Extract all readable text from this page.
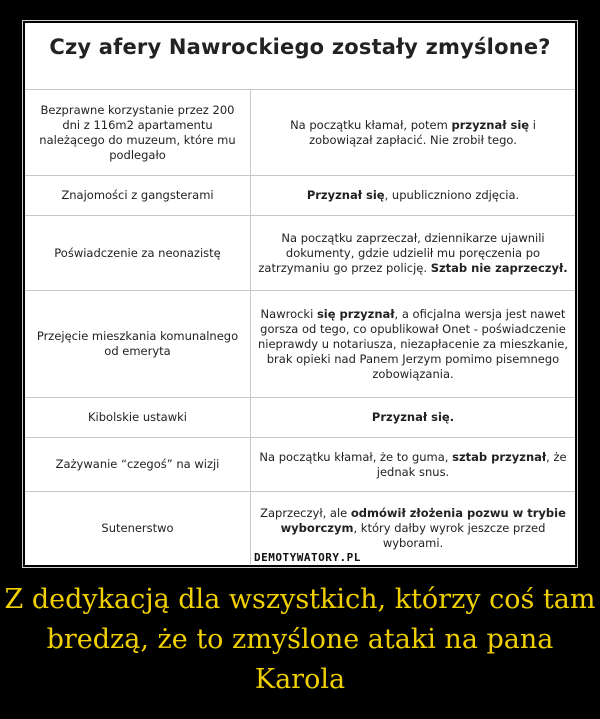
Czy afery Nawrockiego zostały zmyślone?
Bezprawne korzystanie przez 200 dni z 116m2 apartamentu należącego do muzeum, które mu podlegało
Na początku kłamał, potem przyznał się i zobowiązał zapłacić. Nie zrobił tego.
Znajomości z gangsterami	Przyznał się, upubliczniono zdjęcia.
Poświadczenie za neonazistę
Na początku zaprzeczał, dziennikarze ujawnili dokumenty, gdzie udzielił mu poręczenia po zatrzymaniu go przez policję. Sztab nie zaprzeczył.
Przejęcie mieszkania komunalnego od emeryta
Nawrocki się przyznał, a oficjalna wersja jest nawet gorsza od tego, co opublikował Onet - poświadczenie nieprawdy u notariusza, niezapłacenie za mieszkanie, brak opieki nad Panem Jerzym pomimo pisemnego zobowiązania.
Kibolskie ustawki	Przyznał się.
Zażywanie “czegoś” na wizji
Na początku kłamał, że to guma, sztab przyznał, że jednak snus.
Sutenerstwo
Zaprzeczył, ale odmówił złożenia pozwu w trybie wyborczym, który dałby wyrok jeszcze przed wyborami.
DEMOTYWATORY.PL
Z dedykacją dla wszystkich, którzy coś tam bredzą, że to zmyślone ataki na pana Karola
